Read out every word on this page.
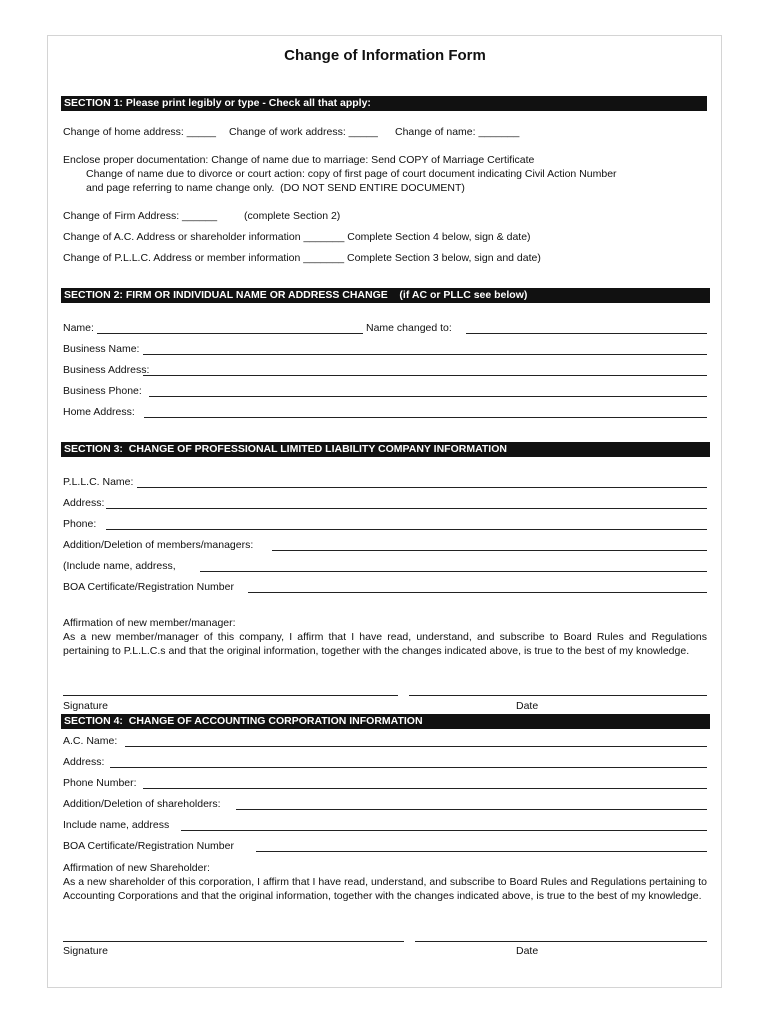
Change of Information Form
SECTION 1: Please print legibly or type - Check all that apply:
Change of home address: _____ Change of work address: _____ Change of name: _______
Enclose proper documentation: Change of name due to marriage: Send COPY of Marriage Certificate
Change of name due to divorce or court action: copy of first page of court document indicating Civil Action Number
and page referring to name change only.  (DO NOT SEND ENTIRE DOCUMENT)
Change of Firm Address: ______	(complete Section 2)
Change of A.C. Address or shareholder information _______ Complete Section 4 below, sign & date)
Change of P.L.L.C. Address or member information _______ Complete Section 3 below, sign and date)
SECTION 2: FIRM OR INDIVIDUAL NAME OR ADDRESS CHANGE    (if AC or PLLC see below)
Name:	Name changed to:
Business Name:
Business Address:
Business Phone:
Home Address:
SECTION 3:  CHANGE OF PROFESSIONAL LIMITED LIABILITY COMPANY INFORMATION
P.L.L.C. Name:
Address:
Phone:
Addition/Deletion of members/managers:
(Include name, address,
BOA Certificate/Registration Number
Affirmation of new member/manager:
As a new member/manager of this company, I affirm that I have read, understand, and subscribe to Board Rules and Regulations pertaining to P.L.L.C.s and that the original information, together with the changes indicated above, is true to the best of my knowledge.
Signature	Date
SECTION 4:  CHANGE OF ACCOUNTING CORPORATION INFORMATION
A.C. Name:
Address:
Phone Number:
Addition/Deletion of shareholders:
Include name, address
BOA Certificate/Registration Number
Affirmation of new Shareholder:
As a new shareholder of this corporation, I affirm that I have read, understand, and subscribe to Board Rules and Regulations pertaining to Accounting Corporations and that the original information, together with the changes indicated above, is true to the best of my knowledge.
Signature	Date
